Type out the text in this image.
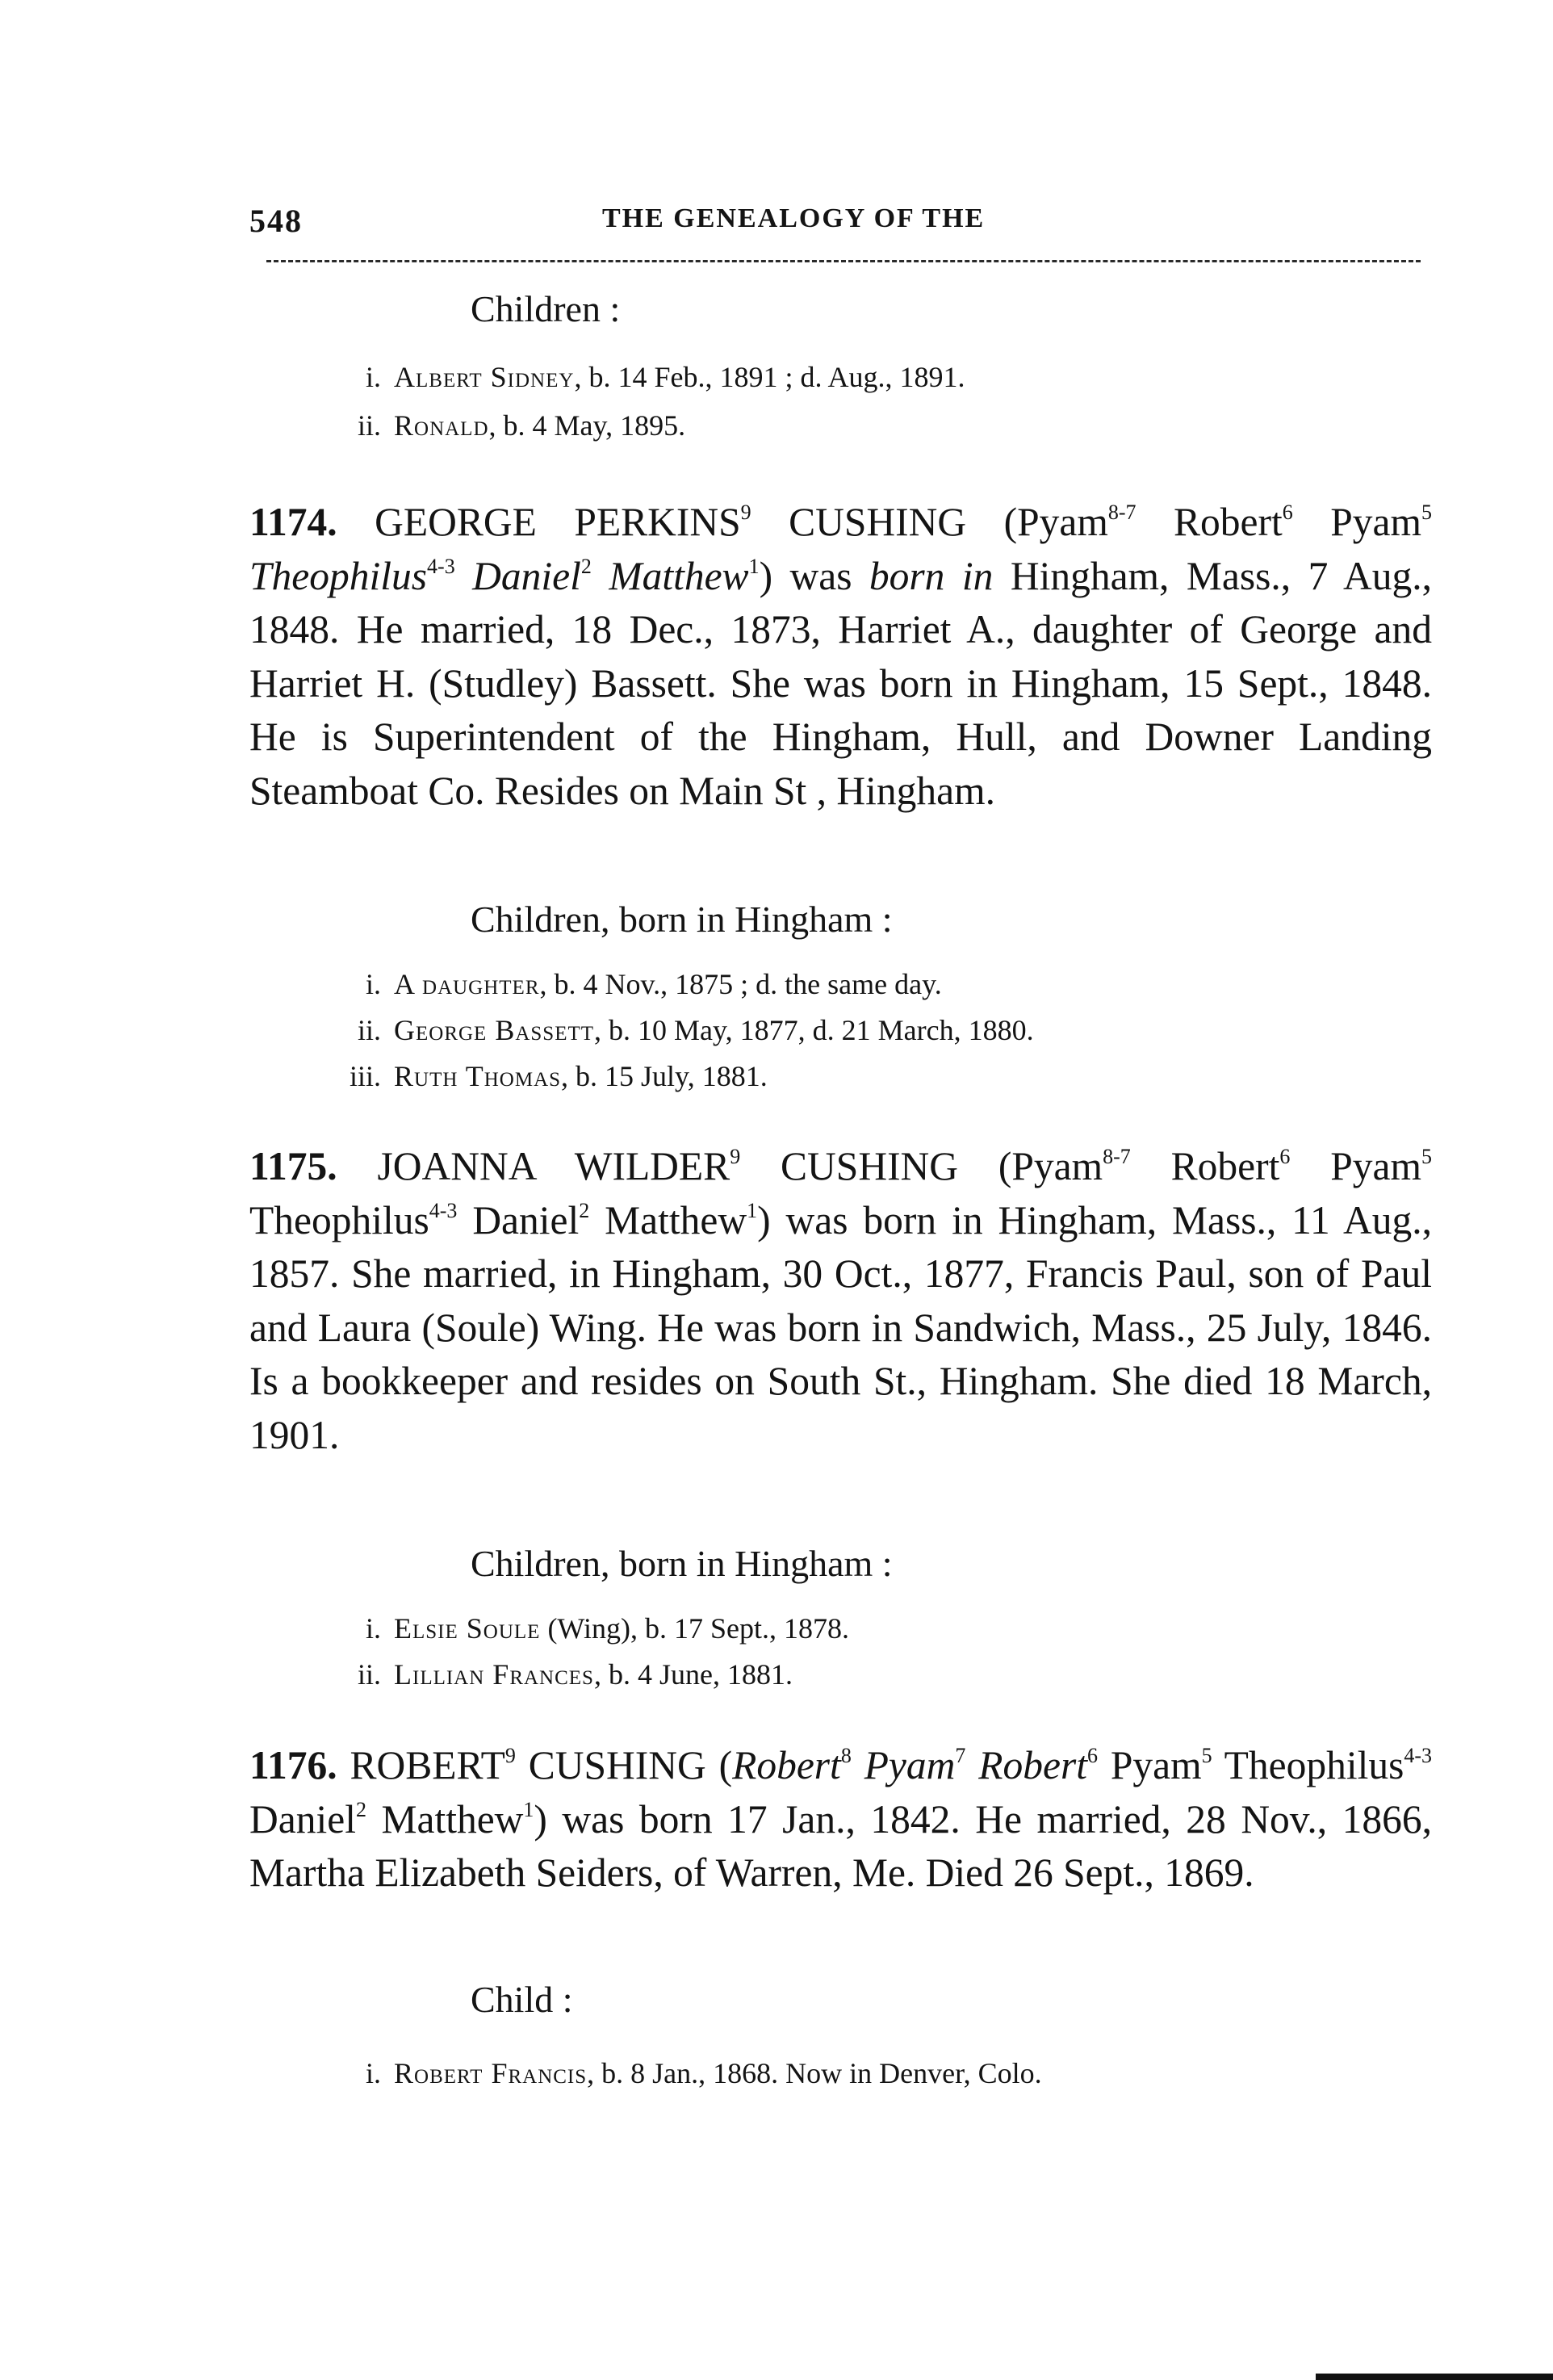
548	THE GENEALOGY OF THE
Children :
i. Albert Sidney, b. 14 Feb., 1891 ; d. Aug., 1891.
ii. Ronald, b. 4 May, 1895.

1174. GEORGE PERKINS$^9$ CUSHING (Pyam$^{8-7}$ Robert$^6$ Pyam$^5$ Theophilus$^{4-3}$ Daniel$^2$ Matthew$^1$) was born in Hingham, Mass., 7 Aug., 1848. He married, 18 Dec., 1873, Harriet A., daughter of George and Harriet H. (Studley) Bassett. She was born in Hingham, 15 Sept., 1848. He is Superintendent of the Hingham, Hull, and Downer Landing Steamboat Co. Resides on Main St , Hingham.

Children, born in Hingham :
i. A daughter, b. 4 Nov., 1875 ; d. the same day.
ii. George Bassett, b. 10 May, 1877, d. 21 March, 1880.
iii. Ruth Thomas, b. 15 July, 1881.

1175. JOANNA WILDER$^9$ CUSHING (Pyam$^{8-7}$ Robert$^6$ Pyam$^5$ Theophilus$^{4-3}$ Daniel$^2$ Matthew$^1$) was born in Hingham, Mass., 11 Aug., 1857. She married, in Hingham, 30 Oct., 1877, Francis Paul, son of Paul and Laura (Soule) Wing. He was born in Sandwich, Mass., 25 July, 1846. Is a bookkeeper and resides on South St., Hingham. She died 18 March, 1901.

Children, born in Hingham :
i. Elsie Soule (Wing), b. 17 Sept., 1878.
ii. Lillian Frances, b. 4 June, 1881.

1176. ROBERT$^9$ CUSHING (Robert$^8$ Pyam$^7$ Robert$^6$ Pyam$^5$ Theophilus$^{4-3}$ Daniel$^2$ Matthew$^1$) was born 17 Jan., 1842. He married, 28 Nov., 1866, Martha Elizabeth Seiders, of Warren, Me. Died 26 Sept., 1869.

Child :
i. Robert Francis, b. 8 Jan., 1868. Now in Denver, Colo.
